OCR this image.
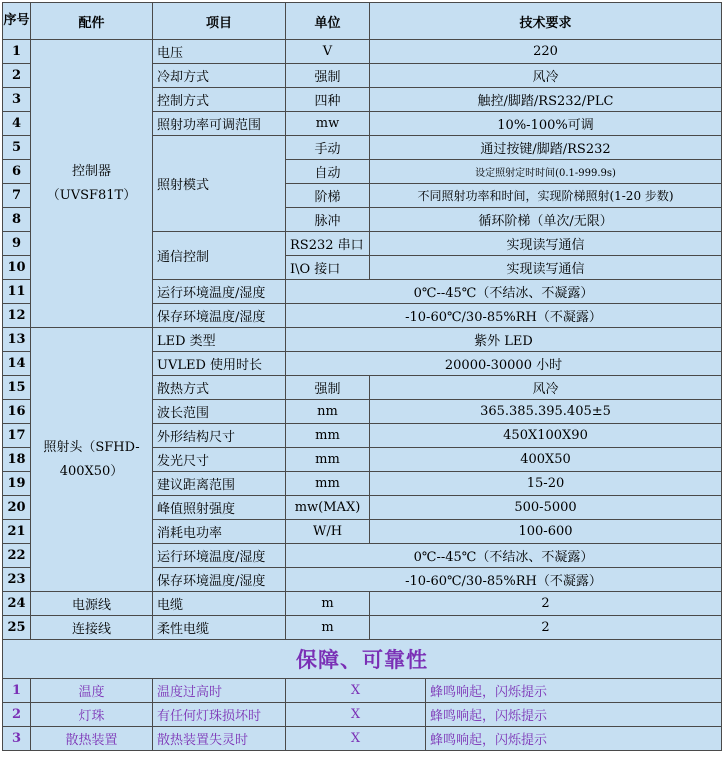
序号	配件	项目	单位	技术要求	
1	控制器（UVSF81T）	电压	V	220	
2		冷却方式	强制	风冷	
3		控制方式	四种	触控/脚踏/RS232/PLC	
4		照射功率可调范围	mw	10%-100%可调	
5		照射模式	手动	通过按键/脚踏/RS232	
6			自动	设定照射定时时间(0.1-999.9s)	
7			阶梯	不同照射功率和时间，实现阶梯照射(1-20 步数)	
8			脉冲	循环阶梯（单次/无限）	
9		通信控制	RS232 串口	实现读写通信	
10			I\O 接口	实现读写通信	
11		运行环境温度/湿度	0℃--45℃（不结冰、不凝露）		
12		保存环境温度/湿度	-10-60℃/30-85%RH（不凝露）		
13	照射头（SFHD-400X50）	LED 类型	紫外 LED		
14		UVLED 使用时长	20000-30000 小时		
15		散热方式	强制	风冷	
16		波长范围	nm	365.385.395.405±5	
17		外形结构尺寸	mm	450X100X90	
18		发光尺寸	mm	400X50	
19		建议距离范围	mm	15-20	
20		峰值照射强度	mw(MAX)	500-5000	
21		消耗电功率	W/H	100-600	
22		运行环境温度/湿度	0℃--45℃（不结冰、不凝露）		
23		保存环境温度/湿度	-10-60℃/30-85%RH（不凝露）		
24	电源线	电缆	m	2	
25	连接线	柔性电缆	m	2	
保障、可靠性					
1	温度	温度过高时	X		蜂鸣响起，闪烁提示
2	灯珠	有任何灯珠损坏时	X		蜂鸣响起，闪烁提示
3	散热装置	散热装置失灵时	X		蜂鸣响起，闪烁提示
